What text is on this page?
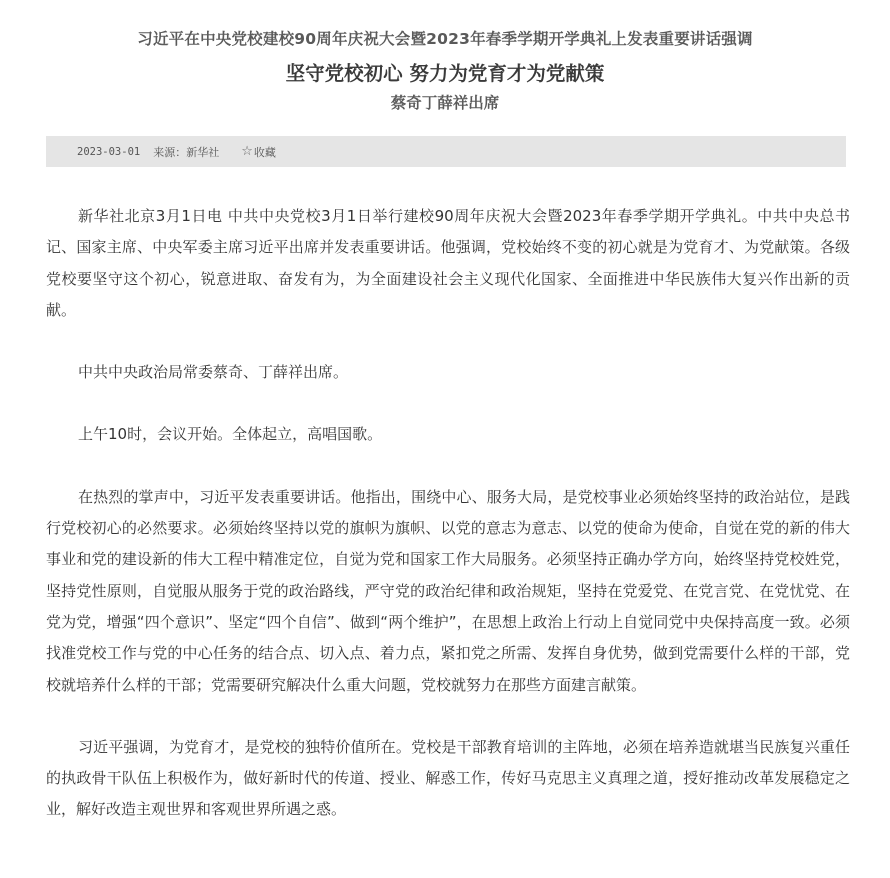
习近平在中央党校建校90周年庆祝大会暨2023年春季学期开学典礼上发表重要讲话强调
坚守党校初心 努力为党育才为党献策
蔡奇丁薛祥出席
2023-03-01 来源：新华社 ☆ 收藏

新华社北京3月1日电 中共中央党校3月1日举行建校90周年庆祝大会暨2023年春季学期开学典礼。中共中央总书记、国家主席、中央军委主席习近平出席并发表重要讲话。他强调，党校始终不变的初心就是为党育才、为党献策。各级党校要坚守这个初心，锐意进取、奋发有为，为全面建设社会主义现代化国家、全面推进中华民族伟大复兴作出新的贡献。

中共中央政治局常委蔡奇、丁薛祥出席。

上午10时，会议开始。全体起立，高唱国歌。

在热烈的掌声中，习近平发表重要讲话。他指出，围绕中心、服务大局，是党校事业必须始终坚持的政治站位，是践行党校初心的必然要求。必须始终坚持以党的旗帜为旗帜、以党的意志为意志、以党的使命为使命，自觉在党的新的伟大事业和党的建设新的伟大工程中精准定位，自觉为党和国家工作大局服务。必须坚持正确办学方向，始终坚持党校姓党，坚持党性原则，自觉服从服务于党的政治路线，严守党的政治纪律和政治规矩，坚持在党爱党、在党言党、在党忧党、在党为党，增强“四个意识”、坚定“四个自信”、做到“两个维护”，在思想上政治上行动上自觉同党中央保持高度一致。必须找准党校工作与党的中心任务的结合点、切入点、着力点，紧扣党之所需、发挥自身优势，做到党需要什么样的干部，党校就培养什么样的干部；党需要研究解决什么重大问题，党校就努力在那些方面建言献策。

习近平强调，为党育才，是党校的独特价值所在。党校是干部教育培训的主阵地，必须在培养造就堪当民族复兴重任的执政骨干队伍上积极作为，做好新时代的传道、授业、解惑工作，传好马克思主义真理之道，授好推动改革发展稳定之业，解好改造主观世界和客观世界所遇之惑。
